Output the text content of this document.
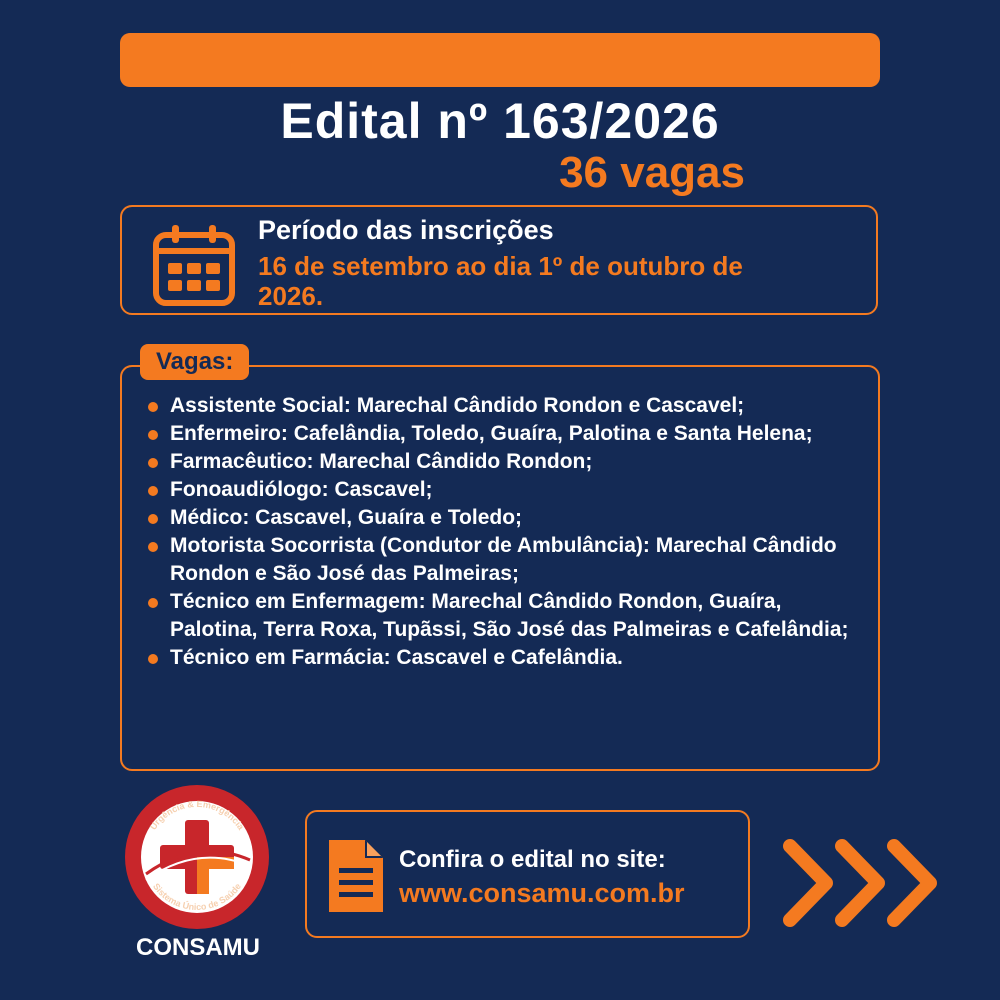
Edital nº 163/2026
36 vagas
Período das inscrições
16 de setembro ao dia 1º de outubro de 2026.
Vagas:
Assistente Social: Marechal Cândido Rondon e Cascavel;
Enfermeiro: Cafelândia, Toledo, Guaíra, Palotina e Santa Helena;
Farmacêutico: Marechal Cândido Rondon;
Fonoaudiólogo: Cascavel;
Médico: Cascavel, Guaíra e Toledo;
Motorista Socorrista (Condutor de Ambulância): Marechal Cândido Rondon e São José das Palmeiras;
Técnico em Enfermagem: Marechal Cândido Rondon, Guaíra, Palotina, Terra Roxa, Tupãssi, São José das Palmeiras e Cafelândia;
Técnico em Farmácia: Cascavel e Cafelândia.
Urgência & Emergência
Sistema Único de Saúde
CONSAMU
Confira o edital no site:
www.consamu.com.br
